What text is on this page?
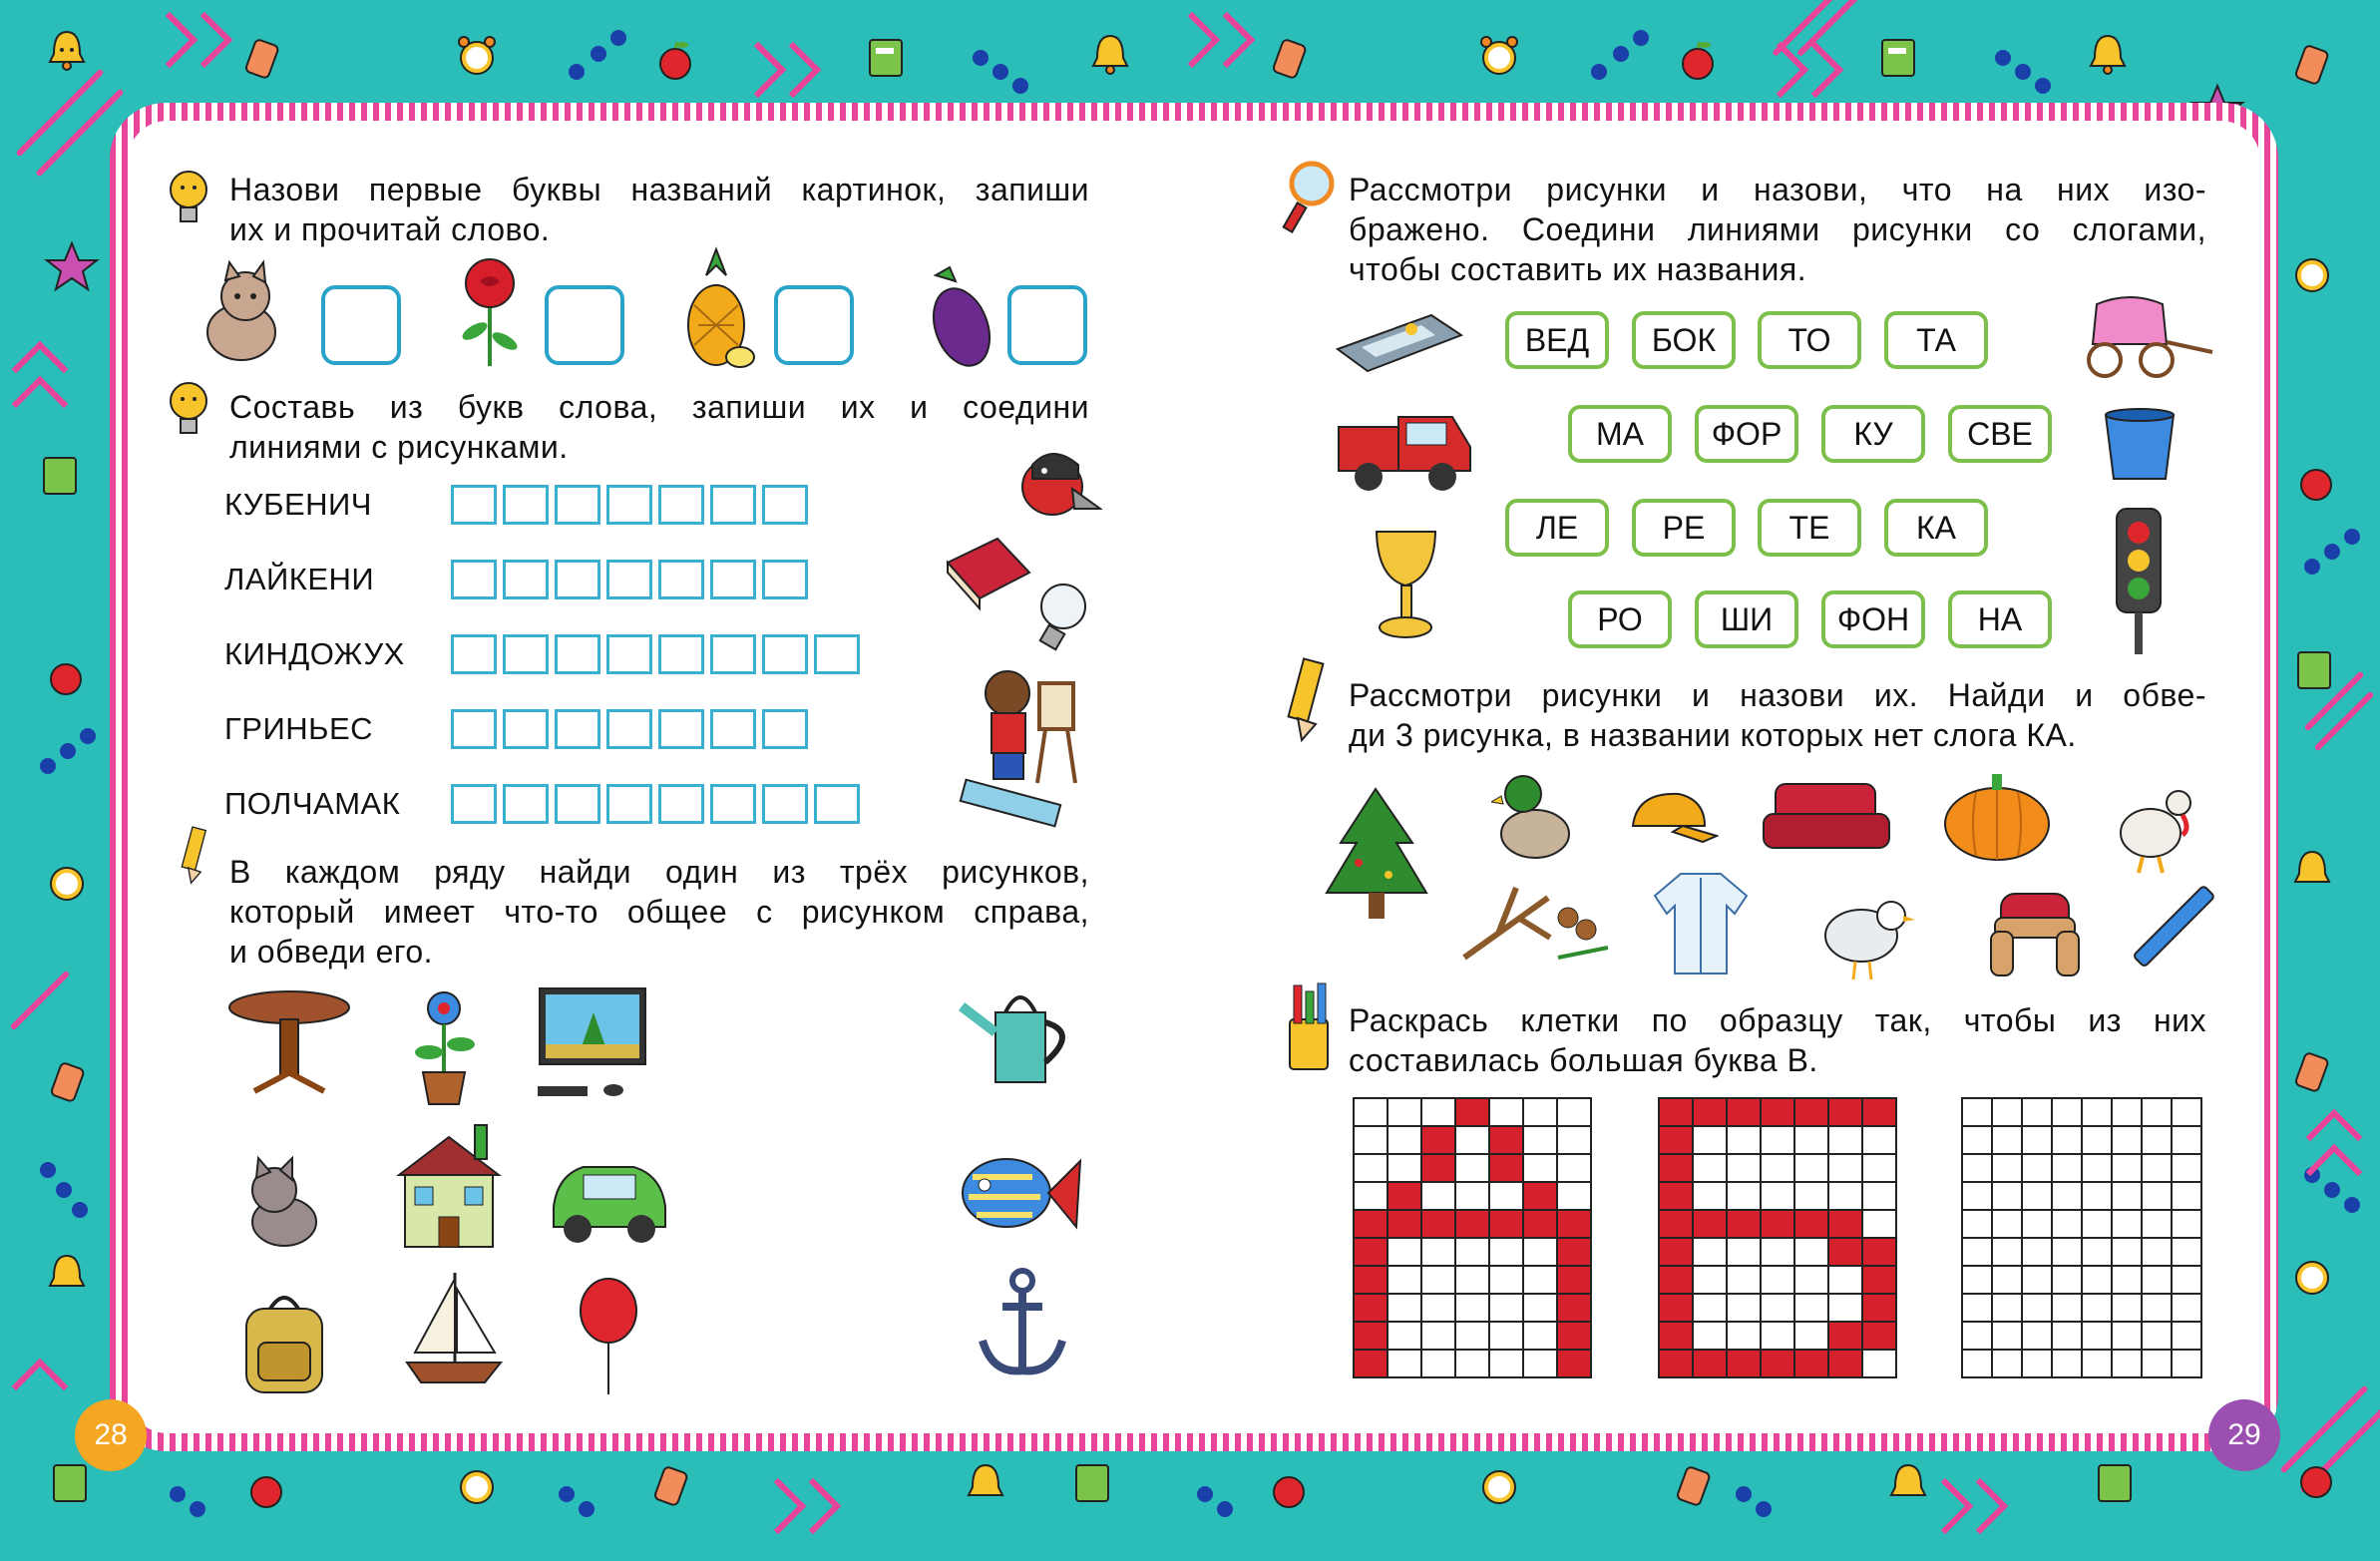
Назови первые буквы названий картинок, запиши
их и прочитай слово.
Составь из букв слова, запиши их и соедини
линиями с рисунками.
КУБЕНИЧ
ЛАЙКЕНИ
КИНДОЖУХ
ГРИНЬЕС
ПОЛЧАМАК
В каждом ряду найди один из трёх рисунков,
который имеет что-то общее с рисунком справа,
и обведи его.
28
Рассмотри рисунки и назови, что на них изо-
бражено. Соедини линиями рисунки со слогами,
чтобы составить их названия.
ВЕД	БОК	ТО	ТА
МА	ФОР	КУ	СВЕ
ЛЕ	РЕ	ТЕ	КА
РО	ШИ	ФОН	НА
Рассмотри рисунки и назови их. Найди и обве-
ди 3 рисунка, в названии которых нет слога КА.
Раскрась клетки по образцу так, чтобы из них
составилась большая буква В.
29
